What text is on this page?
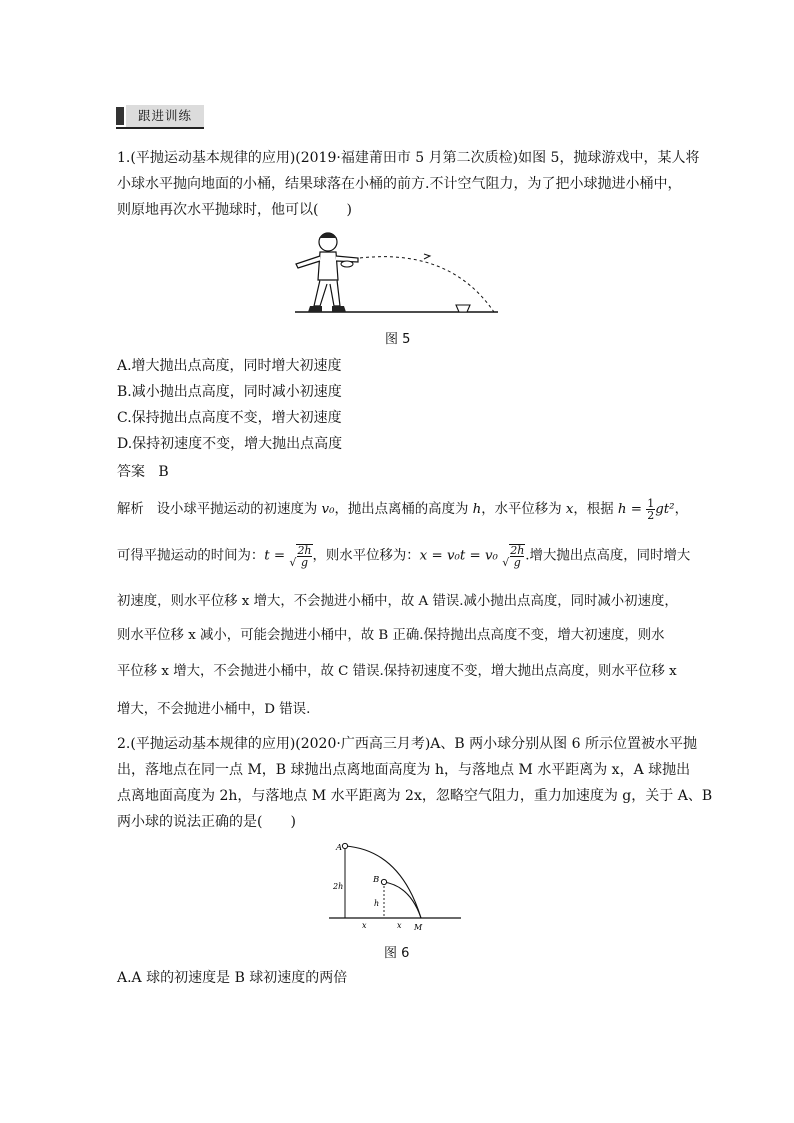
跟进训练
1.(平抛运动基本规律的应用)(2019·福建莆田市 5 月第二次质检)如图 5，抛球游戏中，某人将
小球水平抛向地面的小桶，结果球落在小桶的前方.不计空气阻力，为了把小球抛进小桶中，
则原地再次水平抛球时，他可以(　　)
图 5
A.增大抛出点高度，同时增大初速度
B.减小抛出点高度，同时减小初速度
C.保持抛出点高度不变，增大初速度
D.保持初速度不变，增大抛出点高度
答案 B
解析 设小球平抛运动的初速度为 v₀，抛出点离桶的高度为 h，水平位移为 x，根据 $h = \frac{1}{2} gt^2$，
可得平抛运动的时间为：t = √ $\frac{2h}{g}$ ，则水平位移为：x = v₀t = v₀ √ $\frac{2h}{g}$ .增大抛出点高度，同时增大
初速度，则水平位移 x 增大，不会抛进小桶中，故 A 错误.减小抛出点高度，同时减小初速度，
则水平位移 x 减小，可能会抛进小桶中，故 B 正确.保持抛出点高度不变，增大初速度，则水
平位移 x 增大，不会抛进小桶中，故 C 错误.保持初速度不变，增大抛出点高度，则水平位移 x
增大，不会抛进小桶中，D 错误.
2.(平抛运动基本规律的应用)(2020·广西高三月考)A、B 两小球分别从图 6 所示位置被水平抛
出，落地点在同一点 M，B 球抛出点离地面高度为 h，与落地点 M 水平距离为 x，A 球抛出
点离地面高度为 2h，与落地点 M 水平距离为 2x，忽略空气阻力，重力加速度为 g，关于 A、B
两小球的说法正确的是(　　)
A
B
2h
h
x	x M
图 6
A.A 球的初速度是 B 球初速度的两倍
